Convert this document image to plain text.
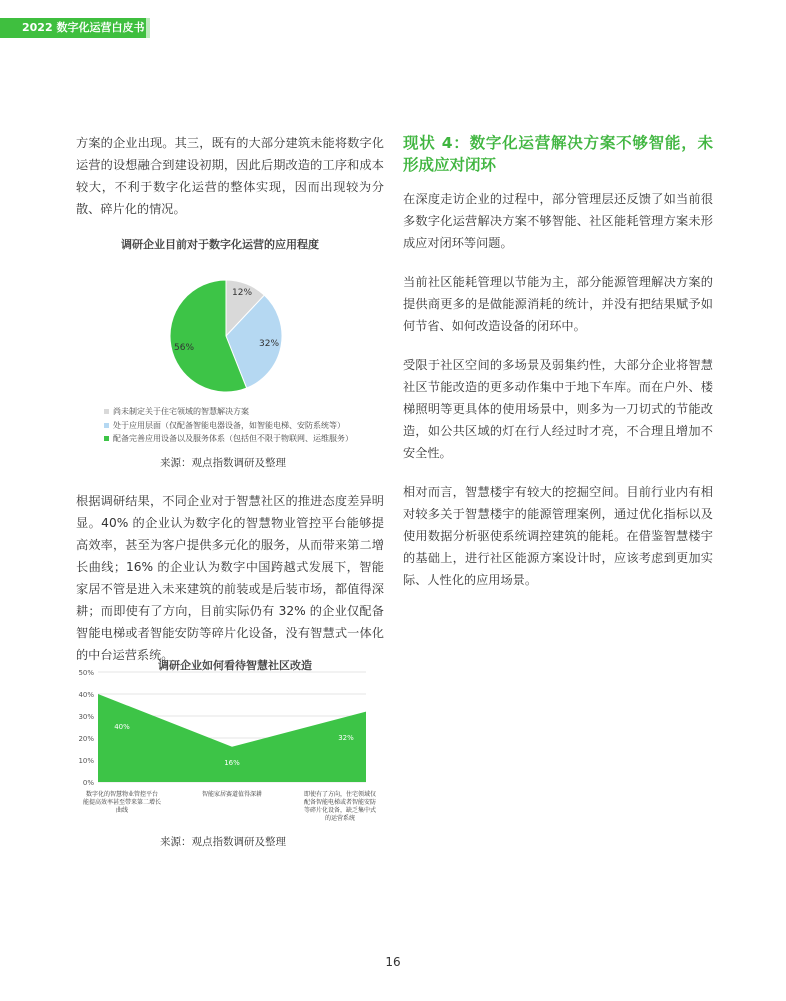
2022 数字化运营白皮书

方案的企业出现。其三，既有的大部分建筑未能将数字化运营的设想融合到建设初期，因此后期改造的工序和成本较大，不利于数字化运营的整体实现，因而出现较为分散、碎片化的情况。

调研企业目前对于数字化运营的应用程度
12%
32%
56%
尚未制定关于住宅领域的智慧解决方案
处于应用层面（仅配备智能电器设备，如智能电梯、安防系统等）
配备完善应用设备以及服务体系（包括但不限于物联网、运维服务）
来源：观点指数调研及整理

根据调研结果，不同企业对于智慧社区的推进态度差异明显。40% 的企业认为数字化的智慧物业管控平台能够提高效率，甚至为客户提供多元化的服务，从而带来第二增长曲线；16% 的企业认为数字中国跨越式发展下，智能家居不管是进入未来建筑的前装或是后装市场，都值得深耕；而即使有了方向，目前实际仍有 32% 的企业仅配备智能电梯或者智能安防等碎片化设备，没有智慧式一体化的中台运营系统。

调研企业如何看待智慧社区改造
0%
10%
20%
30%
40%
50%
40%
16%
32%
数字化的智慧物业管控平台
能提高效率甚至带来第二增长
曲线
智能家居赛道值得深耕	即使有了方向，住宅领域仅
配备智能电梯或者智能安防
等碎片化设备，缺乏集中式
的运营系统
来源：观点指数调研及整理
现状 4：数字化运营解决方案不够智能，未形成应对闭环

在深度走访企业的过程中，部分管理层还反馈了如当前很多数字化运营解决方案不够智能、社区能耗管理方案未形成应对闭环等问题。

当前社区能耗管理以节能为主，部分能源管理解决方案的提供商更多的是做能源消耗的统计，并没有把结果赋予如何节省、如何改造设备的闭环中。

受限于社区空间的多场景及弱集约性，大部分企业将智慧社区节能改造的更多动作集中于地下车库。而在户外、楼梯照明等更具体的使用场景中，则多为一刀切式的节能改造，如公共区域的灯在行人经过时才亮，不合理且增加不安全性。

相对而言，智慧楼宇有较大的挖掘空间。目前行业内有相对较多关于智慧楼宇的能源管理案例，通过优化指标以及使用数据分析驱使系统调控建筑的能耗。在借鉴智慧楼宇的基础上，进行社区能源方案设计时，应该考虑到更加实际、人性化的应用场景。

16
